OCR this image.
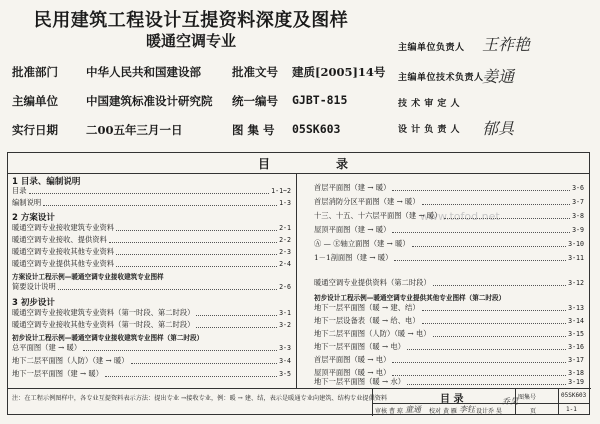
民用建筑工程设计互提资料深度及图样
暖通空调专业
批准部门 中华人民共和国建设部	批准文号 建质[2005]14号
主编单位 中国建筑标准设计研究院 统一编号 GJBT-815
实行日期 二00五年三月一日	图 集 号 05SK603
主编单位负责人 王祚艳
主编单位技术负责人
姜通
技 术 审 定 人
设 计 负 责 人 郁具
目	录
www.tofod.net
1 目录、编制说明
目录	1-1~2
编制说明	1-3
2 方案设计
暖通空调专业接收建筑专业资料	2-1
暖通空调专业接收、提供资料	2-2
暖通空调专业接收其他专业资料	2-3
暖通空调专业提供其他专业资料	2-4
方案设计工程示例—暖通空调专业接收建筑专业图样
简要设计说明	2-6
3 初步设计
暖通空调专业接收建筑专业资料（第一时段、第二时段）	3-1
暖通空调专业接收其他专业资料（第一时段、第二时段）	3-2
初步设计工程示例—暖通空调专业接收建筑专业图样（第二时段）
总平面图（建 → 暖）	3-3
地下二层平面图（人防）（建 → 暖）	3-4
地下一层平面图（建 → 暖）	3-5
首层平面图（建 → 暖）	3-6
首层消防分区平面图（建 → 暖）	3-7
十三、十五、十六层平面图（建 → 暖）	3-8
屋顶平面图（建 → 暖）	3-9
Ⓐ — Ⓔ轴立面图（建 → 暖）	3-10
1－1剖面图（建 → 暖）	3-11
暖通空调专业提供资料（第二时段）	3-12
初步设计工程示例—暖通空调专业提供其他专业图样（第二时段）
地下一层平面图（暖 → 建、结）	3-13
地下一层设备表（暖 → 给、电）	3-14
地下二层平面图（人防）（暖 → 电）	3-15
地下一层平面图（暖 → 电）	3-16
首层平面图（暖 → 电）	3-17
屋顶平面图（暖 → 电）	3-18
地下一层平面图（暖 → 水）	3-19
注：在工程示例图样中，各专业互提资料表示方法：提出专业 →接收专业，例：暖 → 建、结，表示是暖通专业向建筑、结构专业提供资料	目 录	图集号	05SK603
页	1-1
审核 曹 琼 童通 校对 黄 雁 李钰 设计 乔 昊
乔昊
